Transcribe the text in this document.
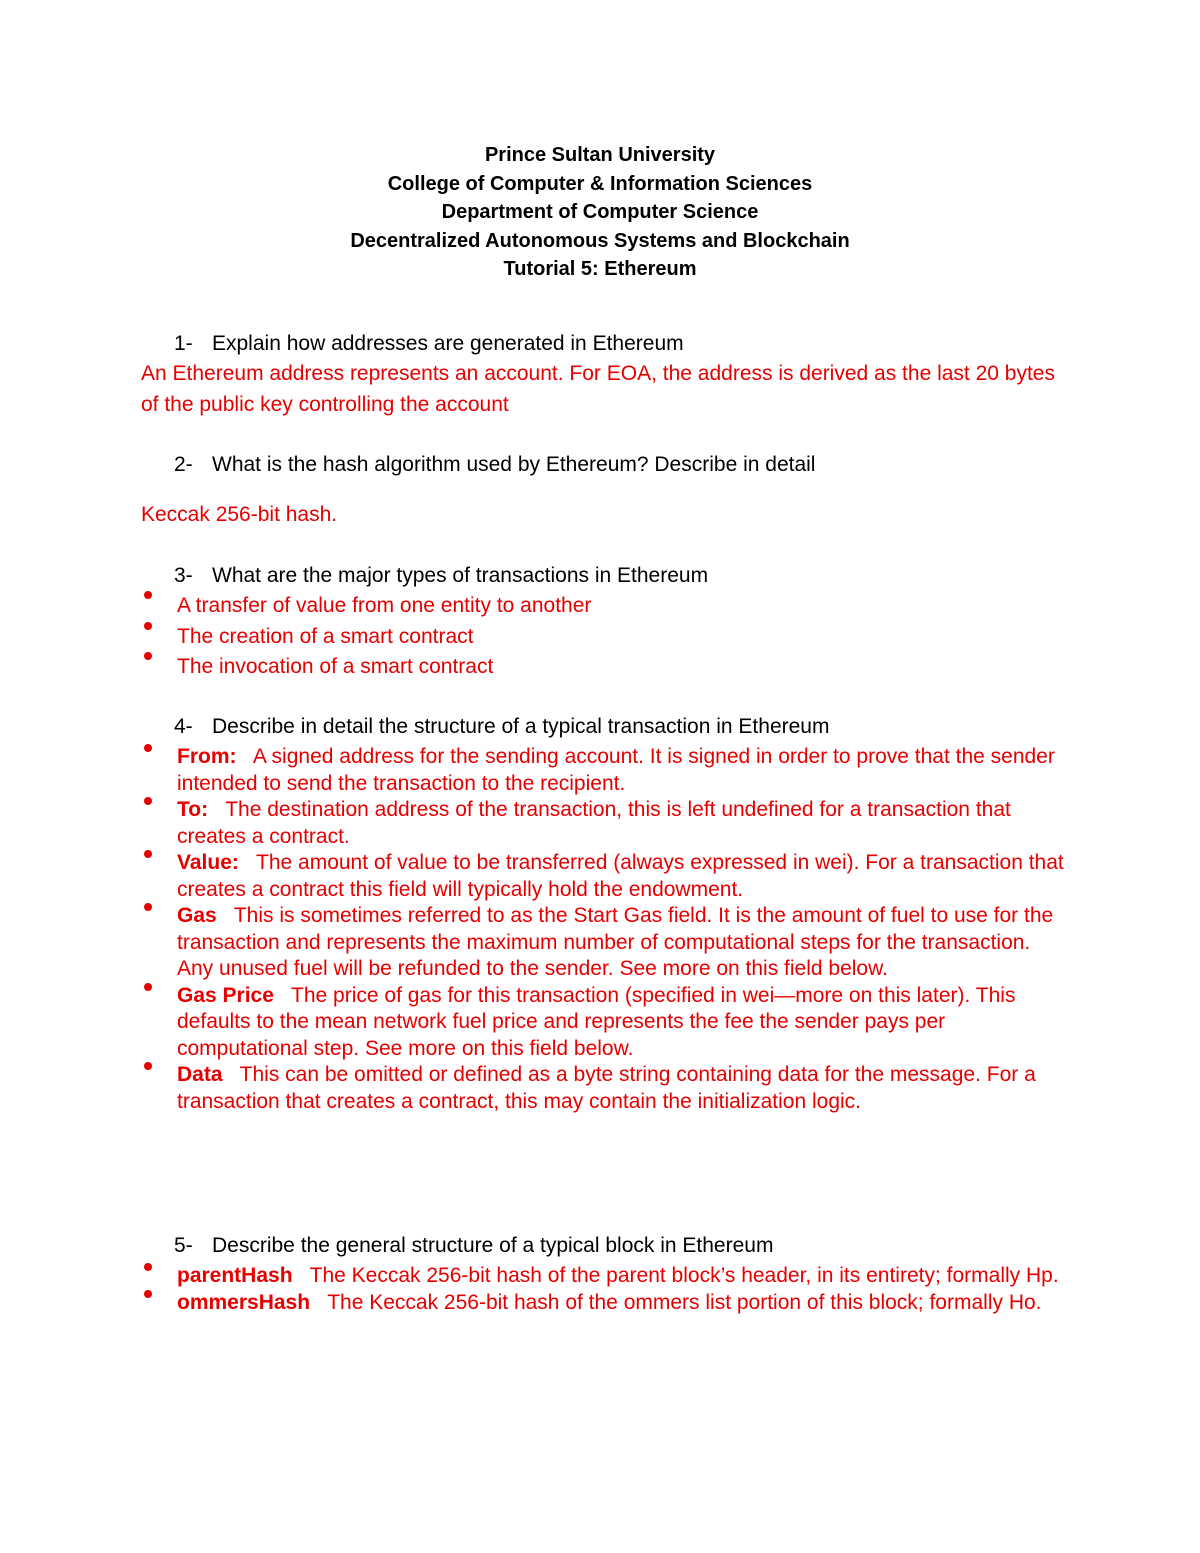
Prince Sultan University
College of Computer & Information Sciences
Department of Computer Science
Decentralized Autonomous Systems and Blockchain
Tutorial 5: Ethereum
1- Explain how addresses are generated in Ethereum
An Ethereum address represents an account. For EOA, the address is derived as the last 20 bytes of the public key controlling the account
2- What is the hash algorithm used by Ethereum? Describe in detail
Keccak 256-bit hash.
3- What are the major types of transactions in Ethereum
A transfer of value from one entity to another
The creation of a smart contract
The invocation of a smart contract
4- Describe in detail the structure of a typical transaction in Ethereum
From: A signed address for the sending account. It is signed in order to prove that the sender intended to send the transaction to the recipient.
To: The destination address of the transaction, this is left undefined for a transaction that creates a contract.
Value: The amount of value to be transferred (always expressed in wei). For a transaction that creates a contract this field will typically hold the endowment.
Gas This is sometimes referred to as the Start Gas field. It is the amount of fuel to use for the transaction and represents the maximum number of computational steps for the transaction. Any unused fuel will be refunded to the sender. See more on this field below.
Gas Price The price of gas for this transaction (specified in wei—more on this later). This defaults to the mean network fuel price and represents the fee the sender pays per computational step. See more on this field below.
Data This can be omitted or defined as a byte string containing data for the message. For a transaction that creates a contract, this may contain the initialization logic.
5- Describe the general structure of a typical block in Ethereum
parentHash The Keccak 256-bit hash of the parent block’s header, in its entirety; formally Hp.
ommersHash The Keccak 256-bit hash of the ommers list portion of this block; formally Ho.
